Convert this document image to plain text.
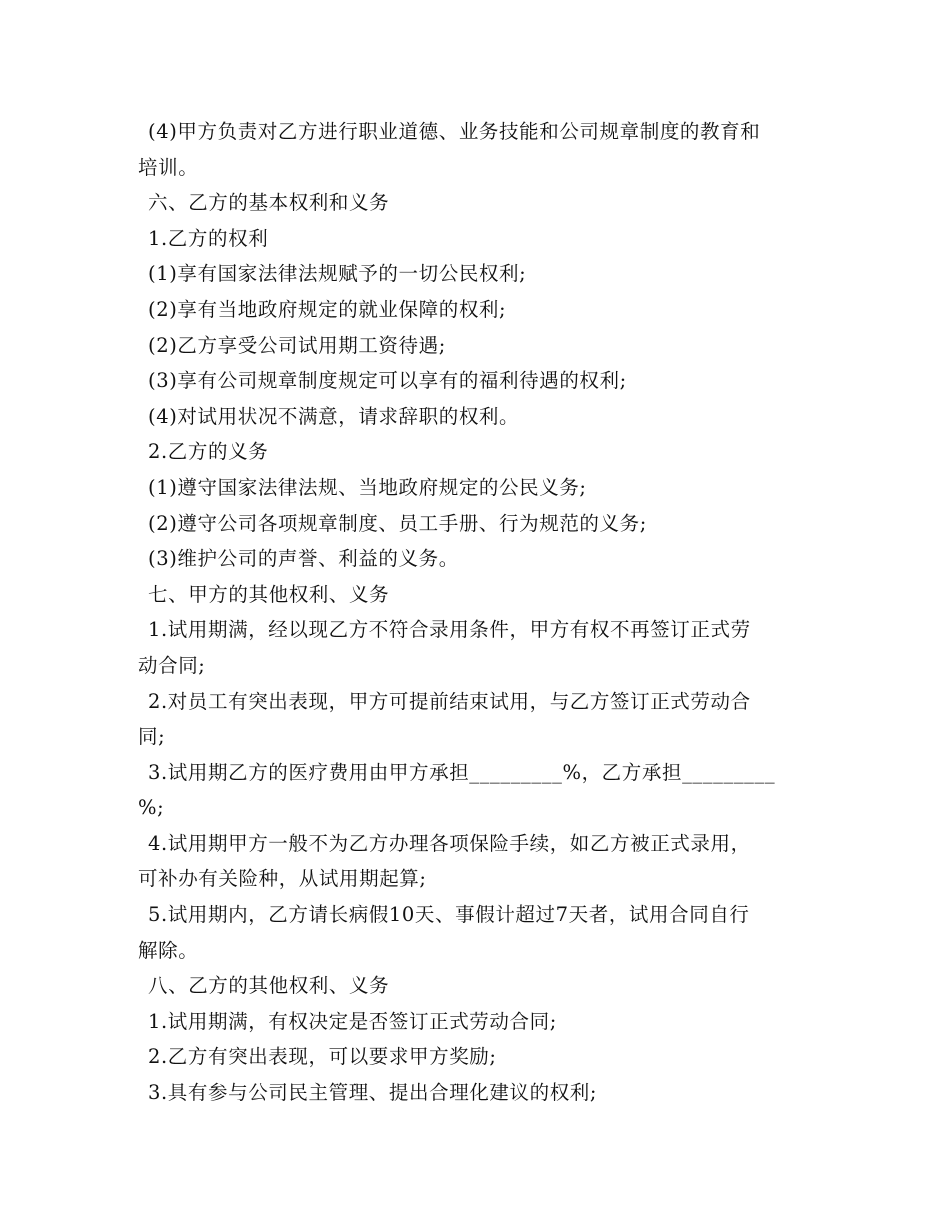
(4)甲方负责对乙方进行职业道德、业务技能和公司规章制度的教育和
培训。
六、乙方的基本权利和义务
1.乙方的权利
(1)享有国家法律法规赋予的一切公民权利;
(2)享有当地政府规定的就业保障的权利;
(2)乙方享受公司试用期工资待遇;
(3)享有公司规章制度规定可以享有的福利待遇的权利;
(4)对试用状况不满意，请求辞职的权利。
2.乙方的义务
(1)遵守国家法律法规、当地政府规定的公民义务;
(2)遵守公司各项规章制度、员工手册、行为规范的义务;
(3)维护公司的声誉、利益的义务。
七、甲方的其他权利、义务
1.试用期满，经以现乙方不符合录用条件，甲方有权不再签订正式劳
动合同;
2.对员工有突出表现，甲方可提前结束试用，与乙方签订正式劳动合
同;
3.试用期乙方的医疗费用由甲方承担_________%，乙方承担_________
%;
4.试用期甲方一般不为乙方办理各项保险手续，如乙方被正式录用，
可补办有关险种，从试用期起算;
5.试用期内，乙方请长病假10天、事假计超过7天者，试用合同自行
解除。
八、乙方的其他权利、义务
1.试用期满，有权决定是否签订正式劳动合同;
2.乙方有突出表现，可以要求甲方奖励;
3.具有参与公司民主管理、提出合理化建议的权利;
